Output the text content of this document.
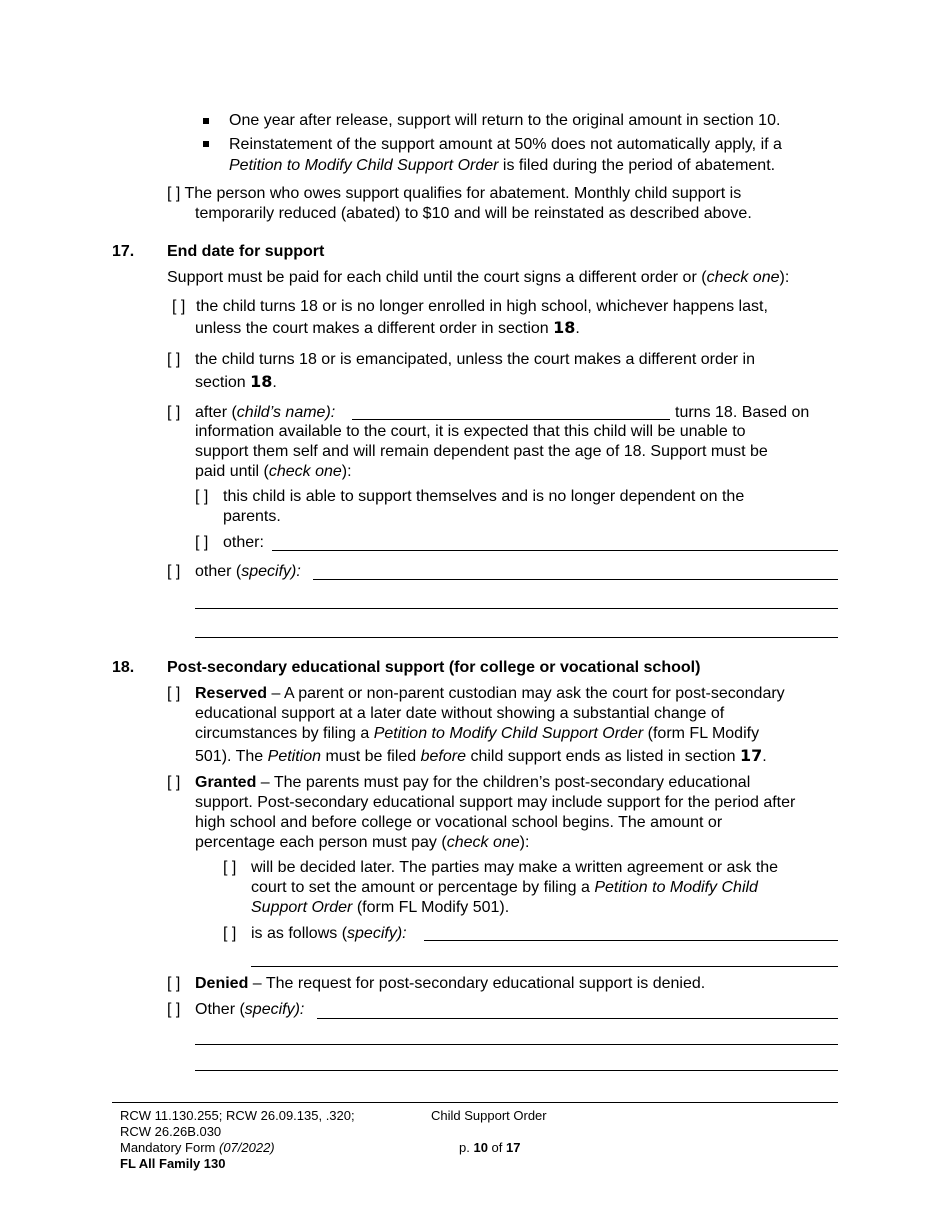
One year after release, support will return to the original amount in section 10.
Reinstatement of the support amount at 50% does not automatically apply, if a
Petition to Modify Child Support Order is filed during the period of abatement.
[ ] The person who owes support qualifies for abatement. Monthly child support is
temporarily reduced (abated) to $10 and will be reinstated as described above.
17. End date for support
Support must be paid for each child until the court signs a different order or (check one):
[ ] the child turns 18 or is no longer enrolled in high school, whichever happens last,
unless the court makes a different order in section 18.
[ ] the child turns 18 or is emancipated, unless the court makes a different order in
section 18.
[ ] after (child’s name):	turns 18. Based on
information available to the court, it is expected that this child will be unable to
support them self and will remain dependent past the age of 18. Support must be
paid until (check one):
[ ] this child is able to support themselves and is no longer dependent on the
parents.
[ ] other:
[ ] other (specify):
18. Post-secondary educational support (for college or vocational school)
[ ] Reserved – A parent or non-parent custodian may ask the court for post-secondary
educational support at a later date without showing a substantial change of
circumstances by filing a Petition to Modify Child Support Order (form FL Modify
501). The Petition must be filed before child support ends as listed in section 17.
[ ] Granted – The parents must pay for the children’s post-secondary educational
support. Post-secondary educational support may include support for the period after
high school and before college or vocational school begins. The amount or
percentage each person must pay (check one):
[ ] will be decided later. The parties may make a written agreement or ask the
court to set the amount or percentage by filing a Petition to Modify Child
Support Order (form FL Modify 501).
[ ] is as follows (specify):
[ ] Denied – The request for post-secondary educational support is denied.
[ ] Other (specify):
RCW 11.130.255; RCW 26.09.135, .320;
RCW 26.26B.030
Mandatory Form (07/2022)
FL All Family 130
Child Support Order
p. 10 of 17
